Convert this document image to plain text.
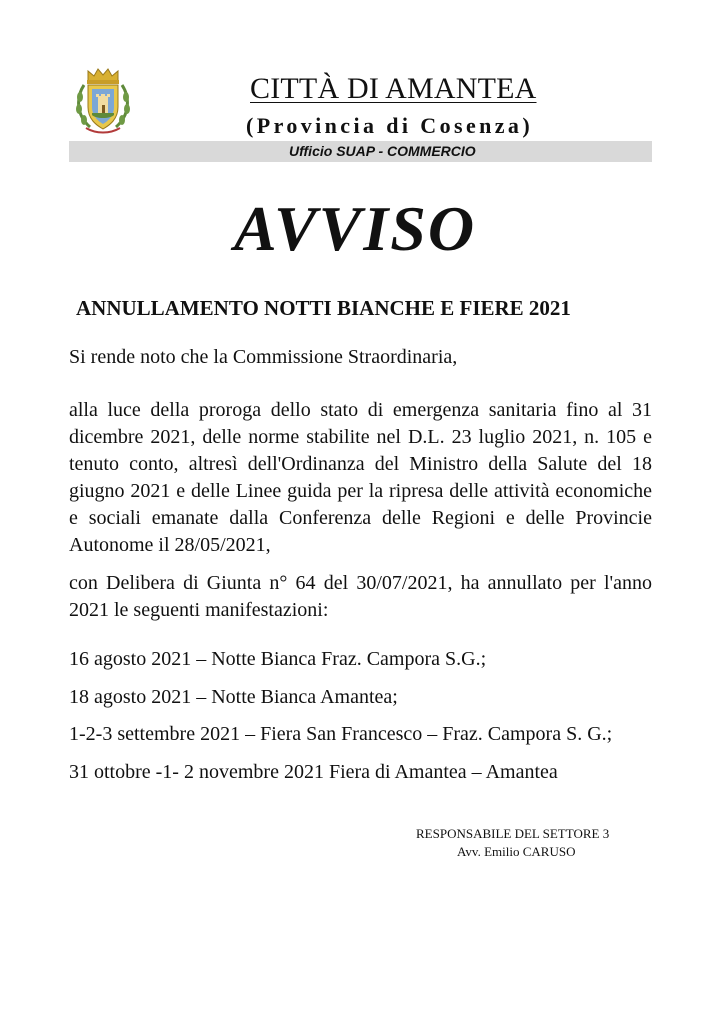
CITTÀ DI AMANTEA
(Provincia di Cosenza)
Ufficio SUAP - COMMERCIO
AVVISO
ANNULLAMENTO NOTTI BIANCHE E FIERE 2021
Si rende noto che la Commissione Straordinaria,
alla luce della proroga dello stato di emergenza sanitaria fino al 31 dicembre 2021, delle norme stabilite nel D.L. 23 luglio 2021, n. 105 e tenuto conto, altresì dell'Ordinanza del Ministro della Salute del 18 giugno 2021 e delle Linee guida per la ripresa delle attività economiche e sociali emanate dalla Conferenza delle Regioni e delle Provincie Autonome il 28/05/2021,
con Delibera di Giunta n° 64 del 30/07/2021, ha annullato per l'anno 2021 le seguenti manifestazioni:
16 agosto 2021 – Notte Bianca Fraz. Campora S.G.;
18 agosto 2021 – Notte Bianca Amantea;
1-2-3 settembre 2021 – Fiera San Francesco – Fraz. Campora S. G.;
31 ottobre -1- 2 novembre 2021 Fiera di Amantea – Amantea
RESPONSABILE DEL SETTORE 3
Avv. Emilio CARUSO
